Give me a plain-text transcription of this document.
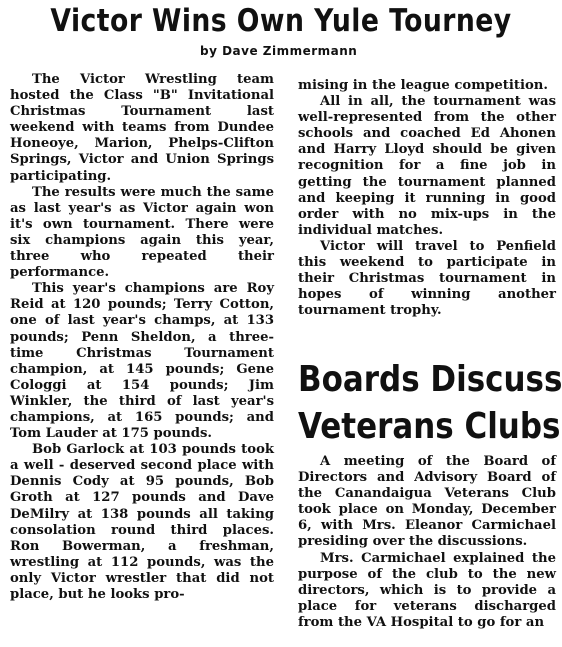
Victor Wins Own Yule Tourney

by Dave Zimmermann

The Victor Wrestling team hosted the Class "B" Invitational Christmas Tournament last weekend with teams from Dundee Honeoye, Marion, Phelps-Clifton Springs, Victor and Union Springs participating.

The results were much the same as last year's as Victor again won it's own tournament. There were six champions again this year, three who repeated their performance.

This year's champions are Roy Reid at 120 pounds; Terry Cotton, one of last year's champs, at 133 pounds; Penn Sheldon, a three-time Christmas Tournament champion, at 145 pounds; Gene Cologgi at 154 pounds; Jim Winkler, the third of last year's champions, at 165 pounds; and Tom Lauder at 175 pounds.

Bob Garlock at 103 pounds took a well - deserved second place with Dennis Cody at 95 pounds, Bob Groth at 127 pounds and Dave DeMilry at 138 pounds all taking consolation round third places. Ron Bowerman, a freshman, wrestling at 112 pounds, was the only Victor wrestler that did not place, but he looks pro-

mising in the league competition.

All in all, the tournament was well-represented from the other schools and coached Ed Ahonen and Harry Lloyd should be given recognition for a fine job in getting the tournament planned and keeping it running in good order with no mix-ups in the individual matches.

Victor will travel to Penfield this weekend to participate in their Christmas tournament in hopes of winning another tournament trophy.

Boards Discuss
Veterans Clubs

A meeting of the Board of Directors and Advisory Board of the Canandaigua Veterans Club took place on Monday, December 6, with Mrs. Eleanor Carmichael presiding over the discussions.

Mrs. Carmichael explained the purpose of the club to the new directors, which is to provide a place for veterans discharged from the VA Hospital to go for an
